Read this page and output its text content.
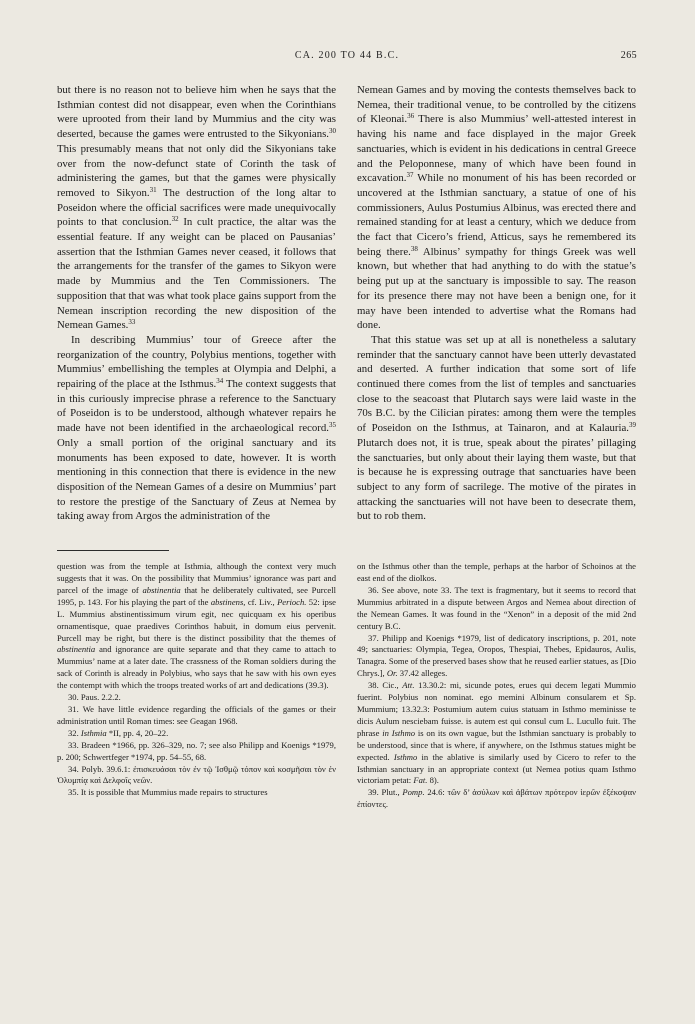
CA. 200 TO 44 B.C.	265

but there is no reason not to believe him when he says that the Isthmian contest did not disappear, even when the Corinthians were uprooted from their land by Mummius and the city was deserted, because the games were entrusted to the Sikyonians.$^{30}$ This presumably means that not only did the Sikyonians take over from the now-defunct state of Corinth the task of administering the games, but that the games were physically removed to Sikyon.$^{31}$ The destruction of the long altar to Poseidon where the official sacrifices were made unequivocally points to that conclusion.$^{32}$ In cult practice, the altar was the essential feature. If any weight can be placed on Pausanias’ assertion that the Isthmian Games never ceased, it follows that the arrangements for the transfer of the games to Sikyon were made by Mummius and the Ten Commissioners. The supposition that that was what took place gains support from the Nemean inscription recording the new disposition of the Nemean Games.$^{33}$

In describing Mummius’ tour of Greece after the reorganization of the country, Polybius mentions, together with Mummius’ embellishing the temples at Olympia and Delphi, a repairing of the place at the Isthmus.$^{34}$ The context suggests that in this curiously imprecise phrase a reference to the Sanctuary of Poseidon is to be understood, although whatever repairs he made have not been identified in the archaeological record.$^{35}$ Only a small portion of the original sanctuary and its monuments has been exposed to date, however. It is worth mentioning in this connection that there is evidence in the new disposition of the Nemean Games of a desire on Mummius’ part to restore the prestige of the Sanctuary of Zeus at Nemea by taking away from Argos the administration of the

Nemean Games and by moving the contests themselves back to Nemea, their traditional venue, to be controlled by the citizens of Kleonai.$^{36}$ There is also Mummius’ well-attested interest in having his name and face displayed in the major Greek sanctuaries, which is evident in his dedications in central Greece and the Peloponnese, many of which have been found in excavation.$^{37}$ While no monument of his has been recorded or uncovered at the Isthmian sanctuary, a statue of one of his commissioners, Aulus Postumius Albinus, was erected there and remained standing for at least a century, which we deduce from the fact that Cicero’s friend, Atticus, says he remembered its being there.$^{38}$ Albinus’ sympathy for things Greek was well known, but whether that had anything to do with the statue’s being put up at the sanctuary is impossible to say. The reason for its presence there may not have been a benign one, for it may have been intended to advertise what the Romans had done.

That this statue was set up at all is nonetheless a salutary reminder that the sanctuary cannot have been utterly devastated and deserted. A further indication that some sort of life continued there comes from the list of temples and sanctuaries close to the seacoast that Plutarch says were laid waste in the 70s B.C. by the Cilician pirates: among them were the temples of Poseidon on the Isthmus, at Tainaron, and at Kalauria.$^{39}$ Plutarch does not, it is true, speak about the pirates’ pillaging the sanctuaries, but only about their laying them waste, but that is because he is expressing outrage that sanctuaries have been subject to any form of sacrilege. The motive of the pirates in attacking the sanctuaries will not have been to desecrate them, but to rob them.

question was from the temple at Isthmia, although the context very much suggests that it was. On the possibility that Mummius’ ignorance was part and parcel of the image of abstinentia that he deliberately cultivated, see Purcell 1995, p. 143. For his playing the part of the abstinens, cf. Liv., Perioch. 52: ipse L. Mummius abstinentissimum virum egit, nec quicquam ex his operibus ornamentisque, quae praedives Corinthos habuit, in domum eius pervenit. Purcell may be right, but there is the distinct possibility that the themes of abstinentia and ignorance are quite separate and that they came to attach to Mummius’ name at a later date. The crassness of the Roman soldiers during the sack of Corinth is already in Polybius, who says that he saw with his own eyes the contempt with which the troops treated works of art and dedications (39.3).

30. Paus. 2.2.2.

31. We have little evidence regarding the officials of the games or their administration until Roman times: see Geagan 1968.

32. Isthmia *II, pp. 4, 20–22.

33. Bradeen *1966, pp. 326–329, no. 7; see also Philipp and Koenigs *1979, p. 200; Schwertfeger *1974, pp. 54–55, 68.

34. Polyb. 39.6.1: ἐπισκευάσαι τὸν ἐν τῷ Ἰσθμῷ τόπον καὶ κοσμῆσαι τὸν ἐν Ὀλυμπίᾳ καὶ Δελφοῖς νεῶν.

35. It is possible that Mummius made repairs to structures

on the Isthmus other than the temple, perhaps at the harbor of Schoinos at the east end of the diolkos.

36. See above, note 33. The text is fragmentary, but it seems to record that Mummius arbitrated in a dispute between Argos and Nemea about direction of the Nemean Games. It was found in the “Xenon” in a deposit of the mid 2nd century B.C.

37. Philipp and Koenigs *1979, list of dedicatory inscriptions, p. 201, note 49; sanctuaries: Olympia, Tegea, Oropos, Thespiai, Thebes, Epidauros, Aulis, Tanagra. Some of the preserved bases show that he reused earlier statues, as [Dio Chrys.], Or. 37.42 alleges.

38. Cic., Att. 13.30.2: mi, sicunde potes, erues qui decem legati Mummio fuerint. Polybius non nominat. ego memini Albinum consularem et Sp. Mummium; 13.32.3: Postumium autem cuius statuam in Isthmo meminisse te dicis Aulum nesciebam fuisse. is autem est qui consul cum L. Lucullo fuit. The phrase in Isthmo is on its own vague, but the Isthmian sanctuary is probably to be understood, since that is where, if anywhere, on the Isthmus statues might be expected. Isthmo in the ablative is similarly used by Cicero to refer to the Isthmian sanctuary in an appropriate context (ut Nemea potius quam Isthmo victoriam petat: Fat. 8).

39. Plut., Pomp. 24.6: τῶν δ’ ἀσύλων καὶ ἀβάτων πρότερον ἱερῶν ἐξέκοψαν ἐπίοντες.
